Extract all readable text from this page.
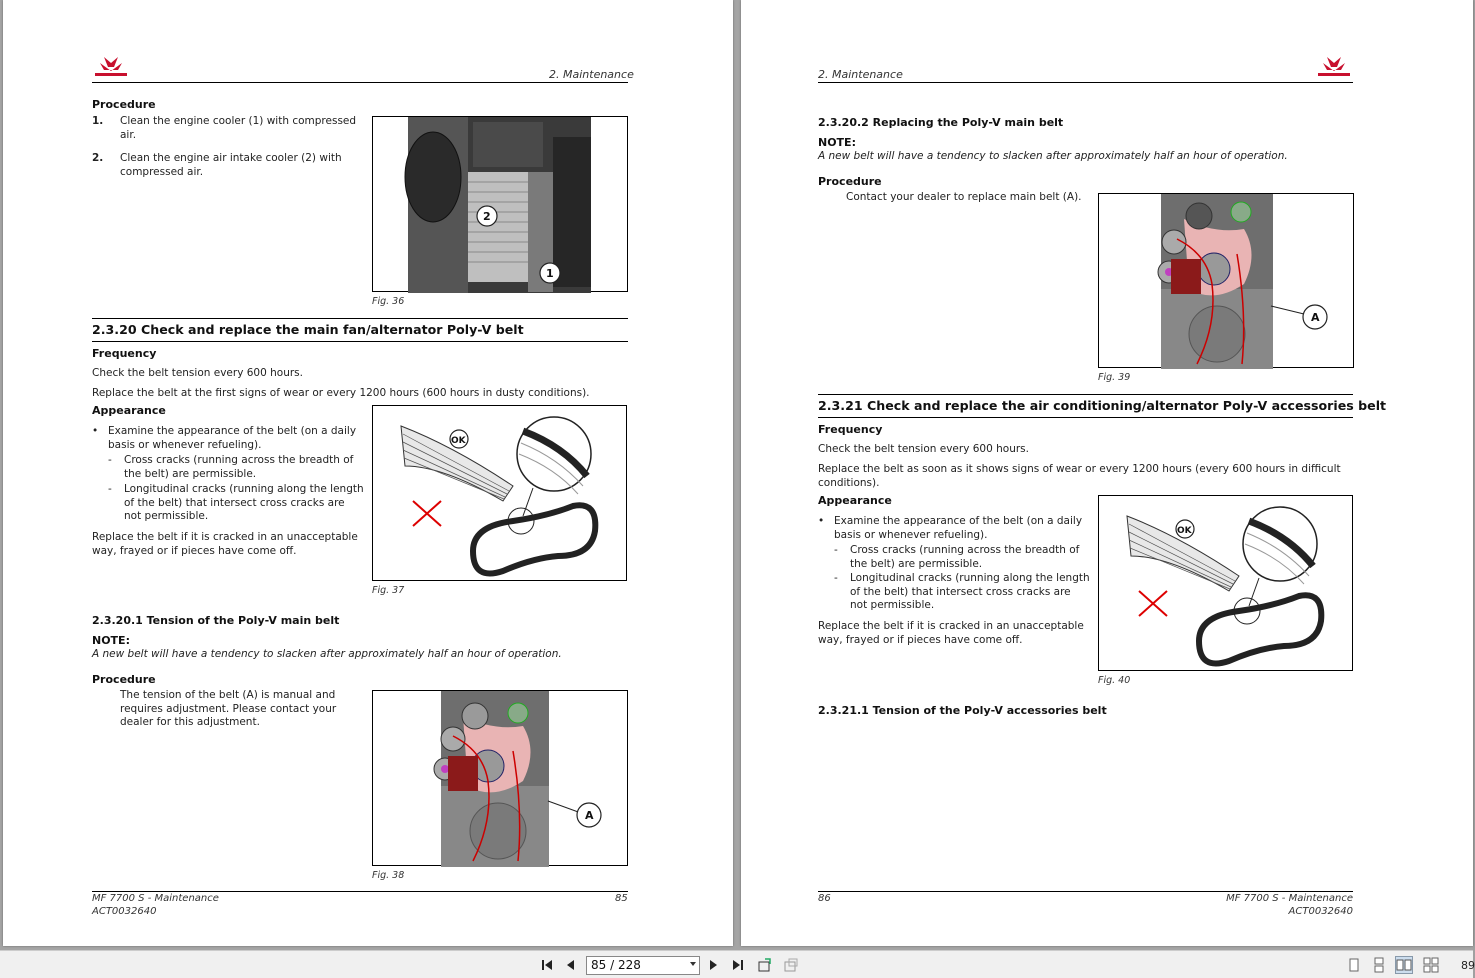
2. Maintenance
Procedure
1. Clean the engine cooler (1) with compressed
air.
2. Clean the engine air intake cooler (2) with
compressed air.
2
1
Fig. 36
2.3.20 Check and replace the main fan/alternator Poly-V belt
Frequency
Check the belt tension every 600 hours.
Replace the belt at the first signs of wear or every 1200 hours (600 hours in dusty conditions).
Appearance
• Examine the appearance of the belt (on a daily
basis or whenever refueling).
- Cross cracks (running across the breadth of
the belt) are permissible.
- Longitudinal cracks (running along the length
of the belt) that intersect cross cracks are
not permissible.
Replace the belt if it is cracked in an unacceptable
way, frayed or if pieces have come off.
OK
Fig. 37
2.3.20.1 Tension of the Poly-V main belt
NOTE:
A new belt will have a tendency to slacken after approximately half an hour of operation.
Procedure
The tension of the belt (A) is manual and
requires adjustment. Please contact your
dealer for this adjustment.
A
Fig. 38
MF 7700 S - Maintenance
ACT0032640
85
2. Maintenance
2.3.20.2 Replacing the Poly-V main belt
NOTE:
A new belt will have a tendency to slacken after approximately half an hour of operation.
Procedure
Contact your dealer to replace main belt (A).
A
Fig. 39
2.3.21 Check and replace the air conditioning/alternator Poly-V accessories belt
Frequency
Check the belt tension every 600 hours.
Replace the belt as soon as it shows signs of wear or every 1200 hours (every 600 hours in difficult
conditions).
Appearance
• Examine the appearance of the belt (on a daily
basis or whenever refueling).
- Cross cracks (running across the breadth of
the belt) are permissible.
- Longitudinal cracks (running along the length
of the belt) that intersect cross cracks are
not permissible.
Replace the belt if it is cracked in an unacceptable
way, frayed or if pieces have come off.
OK
Fig. 40
2.3.21.1 Tension of the Poly-V accessories belt
86	MF 7700 S - Maintenance
ACT0032640
85 / 228	89
